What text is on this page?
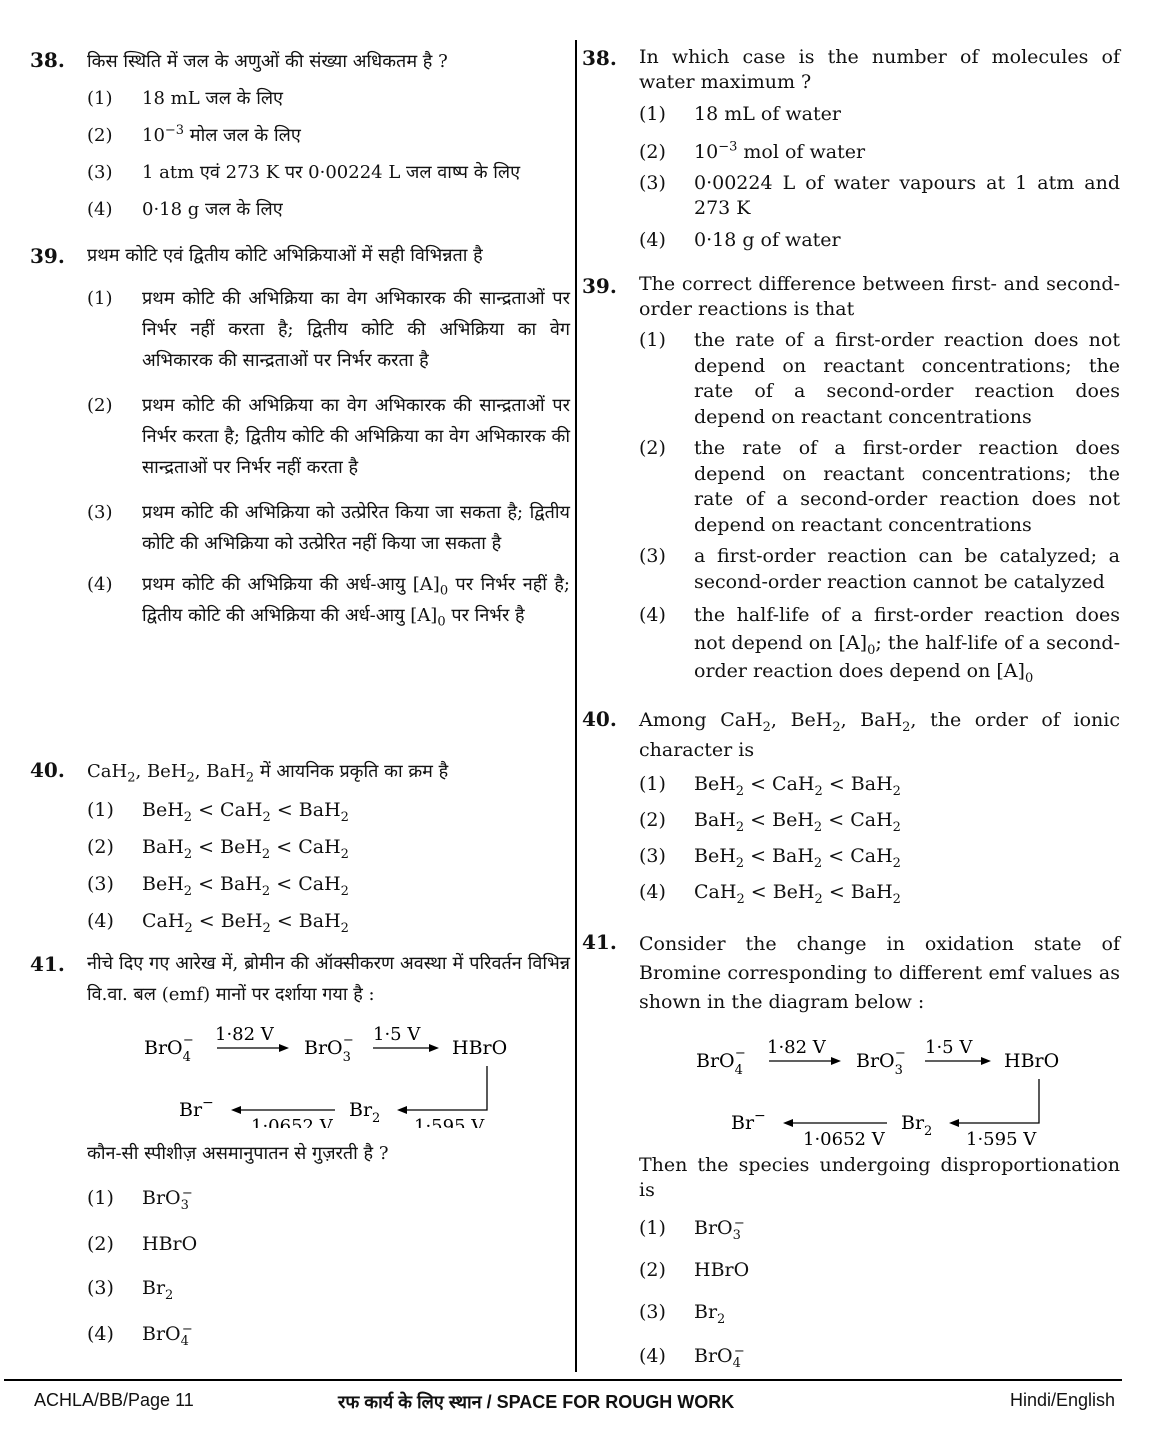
38. किस स्थिति में जल के अणुओं की संख्या अधिकतम है ?
(1) 18 mL जल के लिए
(2) $10^{-3}$ मोल जल के लिए
(3) 1 atm एवं 273 K पर 0·00224 L जल वाष्प के लिए
(4) 0·18 g जल के लिए
39. प्रथम कोटि एवं द्वितीय कोटि अभिक्रियाओं में सही विभिन्नता है
(1) प्रथम कोटि की अभिक्रिया का वेग अभिकारक की सान्द्रताओं पर निर्भर नहीं करता है; द्वितीय कोटि की अभिक्रिया का वेग अभिकारक की सान्द्रताओं पर निर्भर करता है
(2) प्रथम कोटि की अभिक्रिया का वेग अभिकारक की सान्द्रताओं पर निर्भर करता है; द्वितीय कोटि की अभिक्रिया का वेग अभिकारक की सान्द्रताओं पर निर्भर नहीं करता है
(3) प्रथम कोटि की अभिक्रिया को उत्प्रेरित किया जा सकता है; द्वितीय कोटि की अभिक्रिया को उत्प्रेरित नहीं किया जा सकता है
(4) प्रथम कोटि की अभिक्रिया की अर्ध-आयु $[A]_0$ पर निर्भर नहीं है; द्वितीय कोटि की अभिक्रिया की अर्ध-आयु $[A]_0$ पर निर्भर है
40. CaH$_2$, BeH$_2$, BaH$_2$ में आयनिक प्रकृति का क्रम है
(1) BeH$_2$ < CaH$_2$ < BaH$_2$
(2) BaH$_2$ < BeH$_2$ < CaH$_2$
(3) BeH$_2$ < BaH$_2$ < CaH$_2$
(4) CaH$_2$ < BeH$_2$ < BaH$_2$
41. नीचे दिए गए आरेख में, ब्रोमीन की ऑक्सीकरण अवस्था में परिवर्तन विभिन्न वि.वा. बल (emf) मानों पर दर्शाया गया है :
BrO$_4$− 1·82 V
BrO$_3$− 1·5 V
HBrO
1·595 V
$Br_2$
1·0652 V
Br−
कौन-सी स्पीशीज़ असमानुपातन से गुज़रती है ?
(1) BrO$_3$−
(2) HBrO
(3) $Br_2$
(4) BrO$_4$−
38. In which case is the number of molecules of water maximum ?
(1) 18 mL of water
(2) $10^{-3}$ mol of water
(3) 0·00224 L of water vapours at 1 atm and 273 K
(4) 0·18 g of water
39. The correct difference between first- and second-order reactions is that
(1) the rate of a first-order reaction does not depend on reactant concentrations; the rate of a second-order reaction does depend on reactant concentrations
(2) the rate of a first-order reaction does depend on reactant concentrations; the rate of a second-order reaction does not depend on reactant concentrations
(3) a first-order reaction can be catalyzed; a second-order reaction cannot be catalyzed
(4) the half-life of a first-order reaction does not depend on $[A]_0$; the half-life of a second-order reaction does depend on $[A]_0$
40. Among CaH$_2$, BeH$_2$, BaH$_2$, the order of ionic character is
(1) BeH$_2$ < CaH$_2$ < BaH$_2$
(2) BaH$_2$ < BeH$_2$ < CaH$_2$
(3) BeH$_2$ < BaH$_2$ < CaH$_2$
(4) CaH$_2$ < BeH$_2$ < BaH$_2$
41. Consider the change in oxidation state of Bromine corresponding to different emf values as shown in the diagram below :
BrO$_4$− 1·82 V
BrO$_3$− 1·5 V
HBrO
1·595 V
$Br_2$
1·0652 V
Br−
Then the species undergoing disproportionation is
(1) BrO$_3$−
(2) HBrO
(3) $Br_2$
(4) BrO$_4$−
ACHLA/BB/Page 11	रफ कार्य के लिए स्थान / SPACE FOR ROUGH WORK	Hindi/English
